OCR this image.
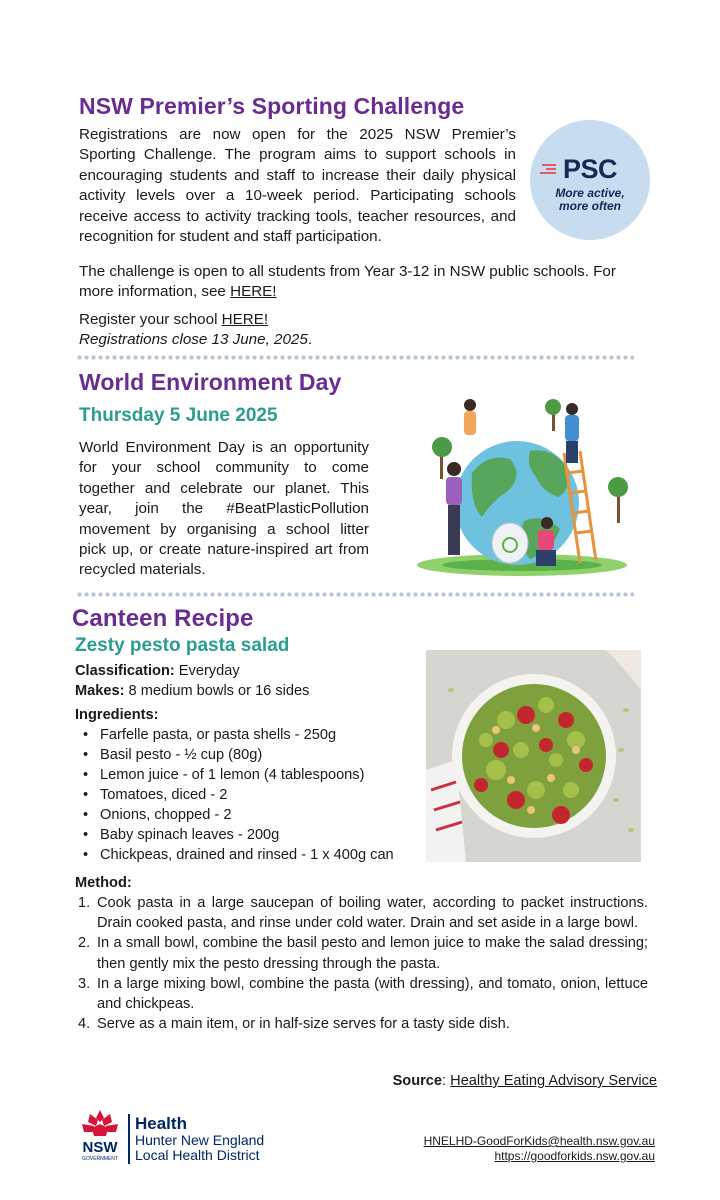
NSW Premier’s Sporting Challenge

Registrations are now open for the 2025 NSW Premier’s Sporting Challenge. The program aims to support schools in encouraging students and staff to increase their daily physical activity levels over a 10-week period. Participating schools receive access to activity tracking tools, teacher resources, and recognition for student and staff participation.

PSC
More active,
more often

The challenge is open to all students from Year 3-12 in NSW public schools. For more information, see HERE!

Register your school HERE!

Registrations close 13 June, 2025.

World Environment Day
Thursday 5 June 2025

World Environment Day is an opportunity for your school community to come together and celebrate our planet. This year, join the #BeatPlasticPollution movement by organising a school litter pick up, or create nature-inspired art from recycled materials.

Canteen Recipe
Zesty pesto pasta salad
Classification: Everyday
Makes: 8 medium bowls or 16 sides
Ingredients:
• Farfelle pasta, or pasta shells - 250g
• Basil pesto - ½ cup (80g)
• Lemon juice - of 1 lemon (4 tablespoons)
• Tomatoes, diced - 2
• Onions, chopped - 2
• Baby spinach leaves - 200g
• Chickpeas, drained and rinsed - 1 x 400g can
Method:
1. Cook pasta in a large saucepan of boiling water, according to packet instructions. Drain cooked pasta, and rinse under cold water. Drain and set aside in a large bowl.
2. In a small bowl, combine the basil pesto and lemon juice to make the salad dressing; then gently mix the pesto dressing through the pasta.
3. In a large mixing bowl, combine the pasta (with dressing), and tomato, onion, lettuce and chickpeas.
4. Serve as a main item, or in half-size serves for a tasty side dish.
Source: Healthy Eating Advisory Service
NSW
GOVERNMENT
Health
Hunter New England
Local Health District
HNELHD-GoodForKids@health.nsw.gov.au
https://goodforkids.nsw.gov.au
